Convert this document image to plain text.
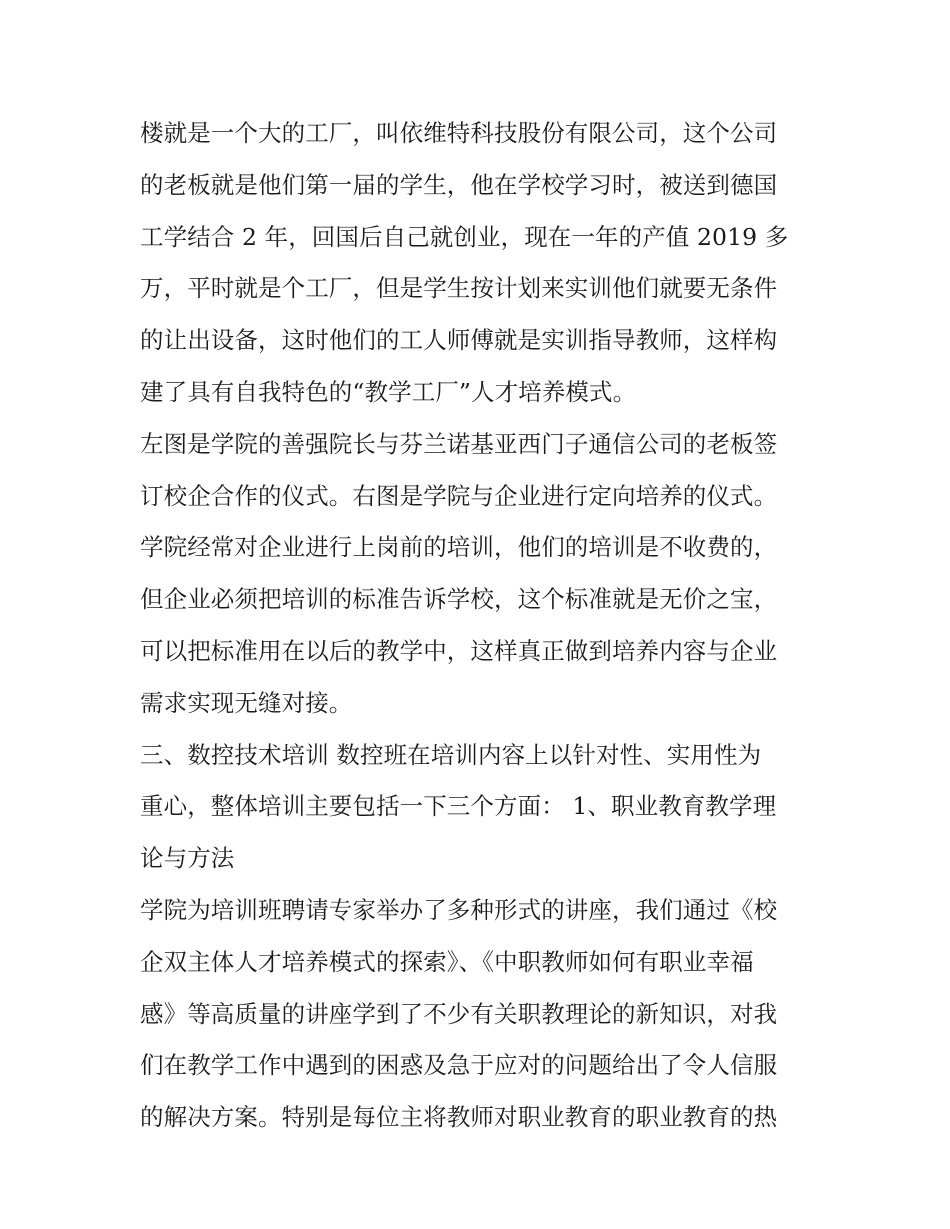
楼就是一个大的工厂，叫依维特科技股份有限公司，这个公司
的老板就是他们第一届的学生，他在学校学习时，被送到德国
工学结合 2 年，回国后自己就创业，现在一年的产值 2019 多
万，平时就是个工厂，但是学生按计划来实训他们就要无条件
的让出设备，这时他们的工人师傅就是实训指导教师，这样构
建了具有自我特色的“教学工厂”人才培养模式。
左图是学院的善强院长与芬兰诺基亚西门子通信公司的老板签
订校企合作的仪式。右图是学院与企业进行定向培养的仪式。
学院经常对企业进行上岗前的培训，他们的培训是不收费的，
但企业必须把培训的标准告诉学校，这个标准就是无价之宝，
可以把标准用在以后的教学中，这样真正做到培养内容与企业
需求实现无缝对接。
三、数控技术培训 数控班在培训内容上以针对性、实用性为
重心，整体培训主要包括一下三个方面： 1、职业教育教学理
论与方法
学院为培训班聘请专家举办了多种形式的讲座，我们通过《校
企双主体人才培养模式的探索》、《中职教师如何有职业幸福
感》等高质量的讲座学到了不少有关职教理论的新知识，对我
们在教学工作中遇到的困惑及急于应对的问题给出了令人信服
的解决方案。特别是每位主将教师对职业教育的职业教育的热
